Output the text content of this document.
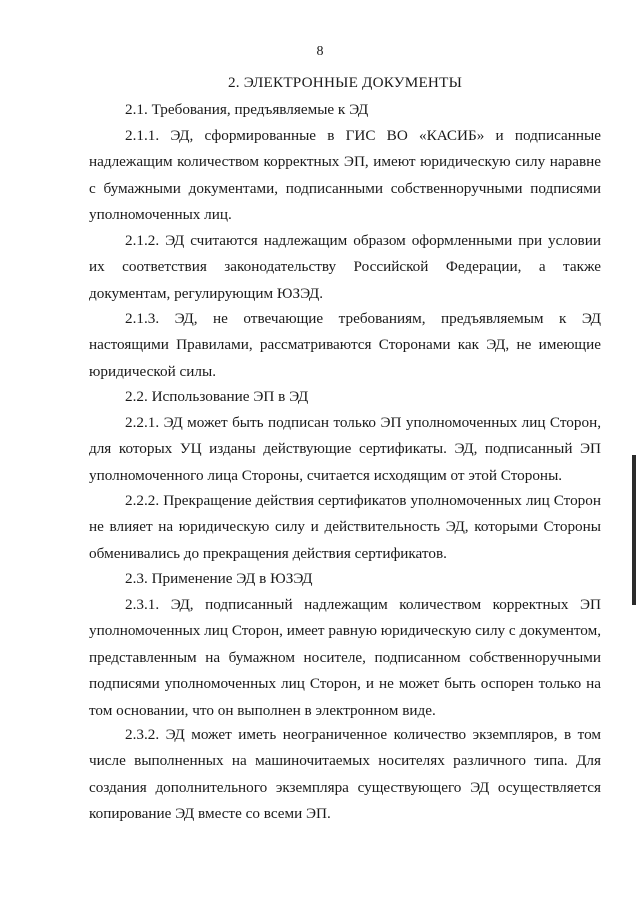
8
2. ЭЛЕКТРОННЫЕ ДОКУМЕНТЫ
2.1. Требования, предъявляемые к ЭД
2.1.1. ЭД, сформированные в ГИС ВО «КАСИБ» и подписанные надлежащим количеством корректных ЭП, имеют юридическую силу наравне с бумажными документами, подписанными собственноручными подписями уполномоченных лиц.
2.1.2. ЭД считаются надлежащим образом оформленными при условии их соответствия законодательству Российской Федерации, а также документам, регулирующим ЮЗЭД.
2.1.3. ЭД, не отвечающие требованиям, предъявляемым к ЭД настоящими Правилами, рассматриваются Сторонами как ЭД, не имеющие юридической силы.
2.2. Использование ЭП в ЭД
2.2.1. ЭД может быть подписан только ЭП уполномоченных лиц Сторон, для которых УЦ изданы действующие сертификаты. ЭД, подписанный ЭП уполномоченного лица Стороны, считается исходящим от этой Стороны.
2.2.2. Прекращение действия сертификатов уполномоченных лиц Сторон не влияет на юридическую силу и действительность ЭД, которыми Стороны обменивались до прекращения действия сертификатов.
2.3. Применение ЭД в ЮЗЭД
2.3.1. ЭД, подписанный надлежащим количеством корректных ЭП уполномоченных лиц Сторон, имеет равную юридическую силу с документом, представленным на бумажном носителе, подписанном собственноручными подписями уполномоченных лиц Сторон, и не может быть оспорен только на том основании, что он выполнен в электронном виде.
2.3.2. ЭД может иметь неограниченное количество экземпляров, в том числе выполненных на машиночитаемых носителях различного типа. Для создания дополнительного экземпляра существующего ЭД осуществляется копирование ЭД вместе со всеми ЭП.
